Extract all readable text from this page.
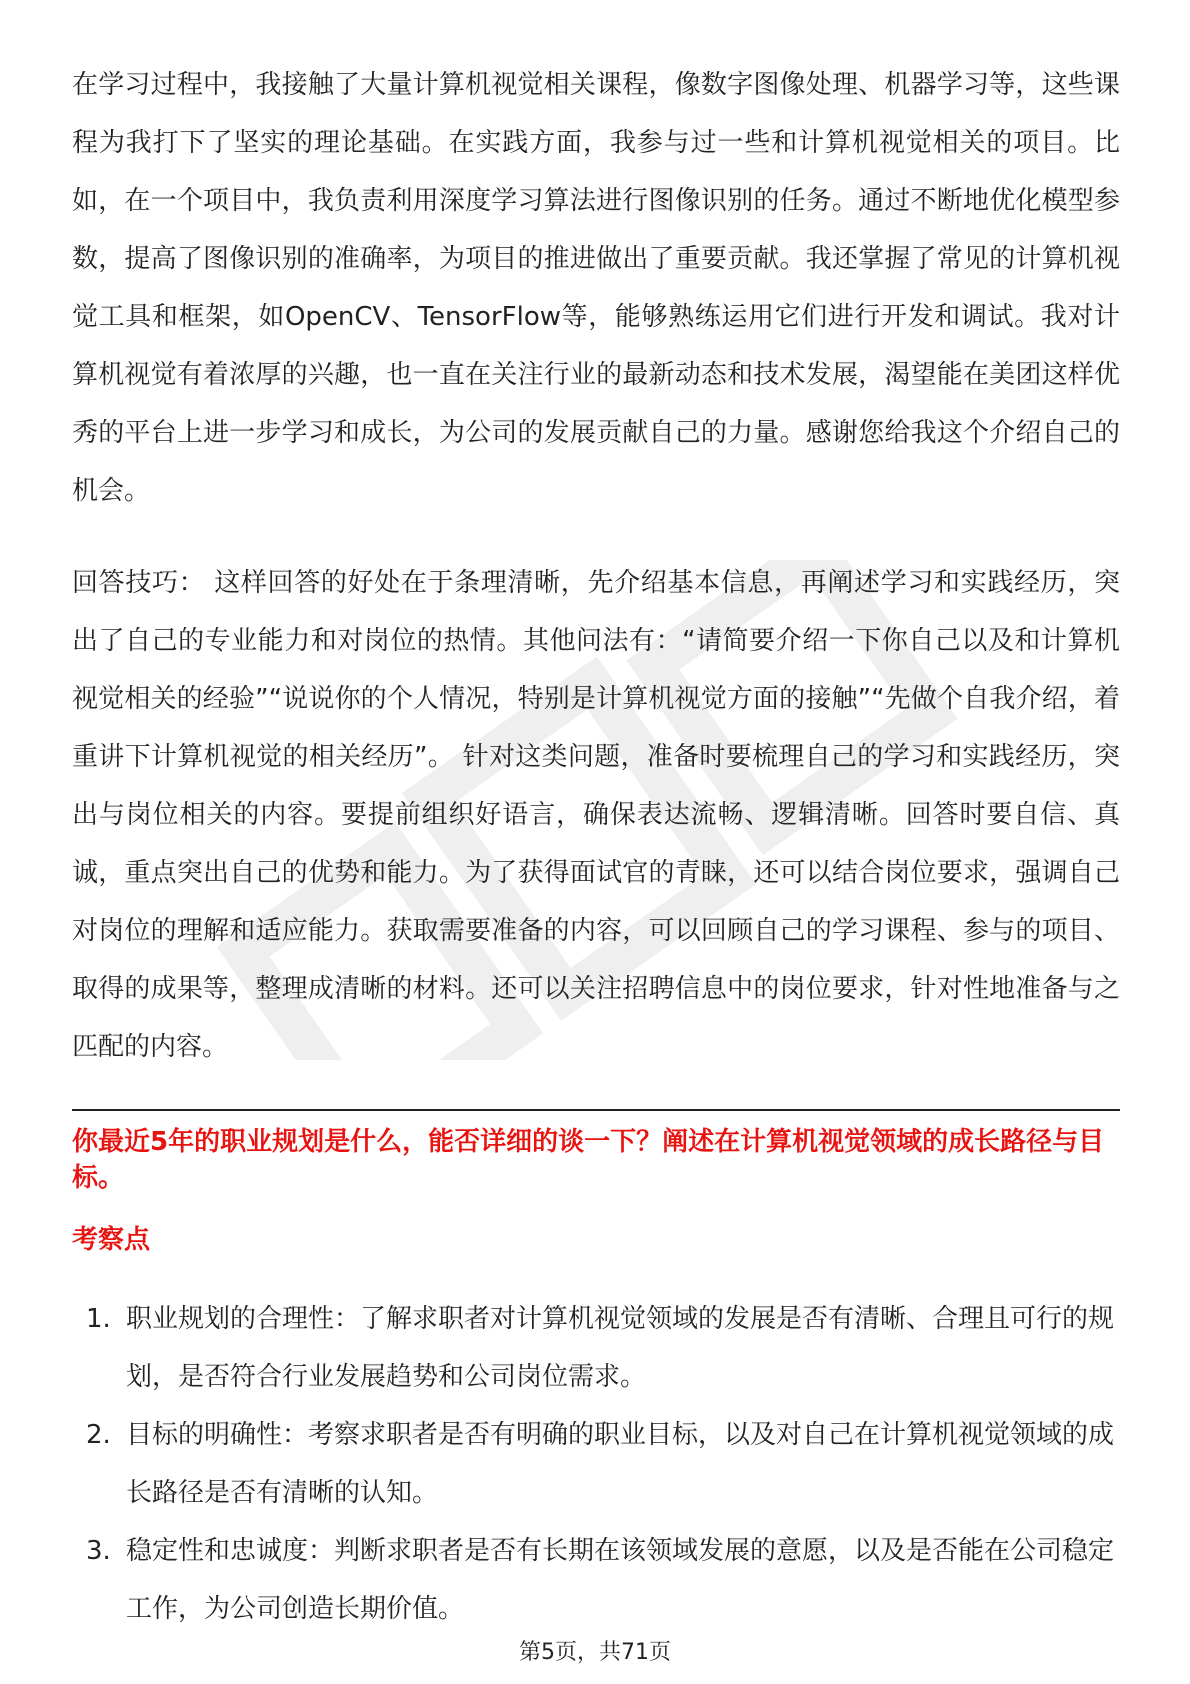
在学习过程中，我接触了大量计算机视觉相关课程，像数字图像处理、机器学习等，这些课程为我打下了坚实的理论基础。在实践方面，我参与过一些和计算机视觉相关的项目。比如，在一个项目中，我负责利用深度学习算法进行图像识别的任务。通过不断地优化模型参数，提高了图像识别的准确率，为项目的推进做出了重要贡献。我还掌握了常见的计算机视觉工具和框架，如OpenCV、TensorFlow等，能够熟练运用它们进行开发和调试。我对计算机视觉有着浓厚的兴趣，也一直在关注行业的最新动态和技术发展，渴望能在美团这样优秀的平台上进一步学习和成长，为公司的发展贡献自己的力量。感谢您给我这个介绍自己的机会。

回答技巧： 这样回答的好处在于条理清晰，先介绍基本信息，再阐述学习和实践经历，突出了自己的专业能力和对岗位的热情。其他问法有：“请简要介绍一下你自己以及和计算机视觉相关的经验”“说说你的个人情况，特别是计算机视觉方面的接触”“先做个自我介绍，着重讲下计算机视觉的相关经历”。 针对这类问题，准备时要梳理自己的学习和实践经历，突出与岗位相关的内容。要提前组织好语言，确保表达流畅、逻辑清晰。回答时要自信、真诚，重点突出自己的优势和能力。为了获得面试官的青睐，还可以结合岗位要求，强调自己对岗位的理解和适应能力。获取需要准备的内容，可以回顾自己的学习课程、参与的项目、取得的成果等，整理成清晰的材料。还可以关注招聘信息中的岗位要求，针对性地准备与之匹配的内容。

你最近5年的职业规划是什么，能否详细的谈一下？阐述在计算机视觉领域的成长路径与目标。

考察点

1. 职业规划的合理性：了解求职者对计算机视觉领域的发展是否有清晰、合理且可行的规划，是否符合行业发展趋势和公司岗位需求。
2. 目标的明确性：考察求职者是否有明确的职业目标，以及对自己在计算机视觉领域的成长路径是否有清晰的认知。
3. 稳定性和忠诚度：判断求职者是否有长期在该领域发展的意愿，以及是否能在公司稳定工作，为公司创造长期价值。
第5页，共71页
